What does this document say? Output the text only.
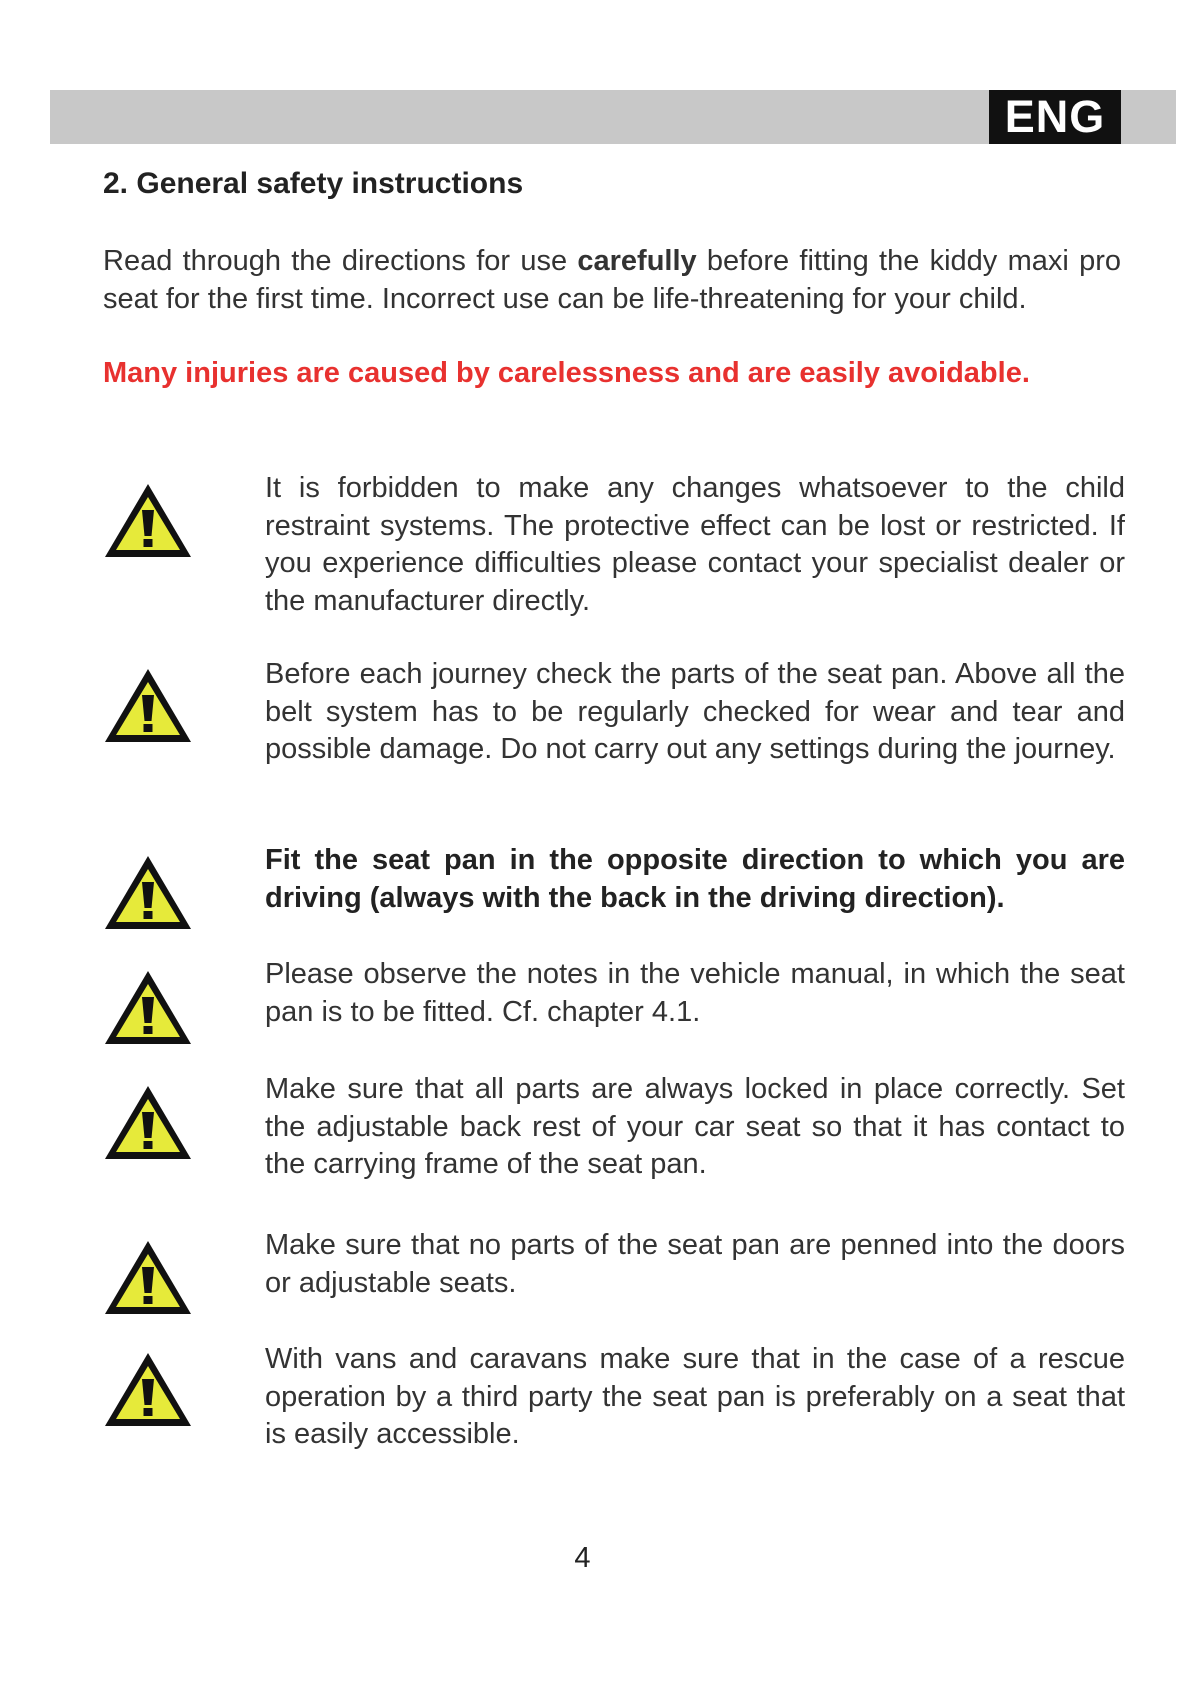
ENG
2. General safety instructions

Read through the directions for use carefully before fitting the kiddy maxi pro seat for the first time. Incorrect use can be life-threatening for your child.

Many injuries are caused by carelessness and are easily avoidable.

It is forbidden to make any changes whatsoever to the child restraint systems. The protective effect can be lost or restricted. If you experience difficulties please contact your specialist dealer or the manufacturer directly.

Before each journey check the parts of the seat pan. Above all the belt system has to be regularly checked for wear and tear and possible damage. Do not carry out any settings during the journey.

Fit the seat pan in the opposite direction to which you are driving (always with the back in the driving direction).

Please observe the notes in the vehicle manual, in which the seat pan is to be fitted. Cf. chapter 4.1.

Make sure that all parts are always locked in place correctly. Set the adjustable back rest of your car seat so that it has contact to the carrying frame of the seat pan.

Make sure that no parts of the seat pan are penned into the doors or adjustable seats.

With vans and caravans make sure that in the case of a rescue operation by a third party the seat pan is preferably on a seat that is easily accessible.

4
